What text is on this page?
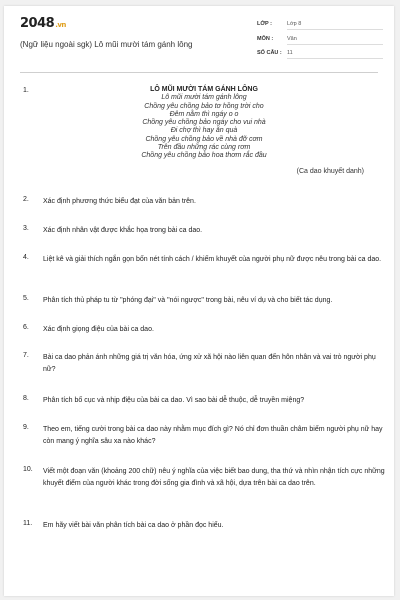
2048.vn
(Ngữ liệu ngoài sgk) Lô mũi mười tám gánh lông
LỚP :	Lớp 8
MÔN :	Văn
SỐ CÂU : 11
1.	LÔ MŨI MƯỜI TÁM GÁNH LÔNG
Lô mũi mười tám gánh lông
Chồng yêu chồng bảo tơ hồng trời cho
Đêm nằm thì ngáy o o
Chồng yêu chồng bảo ngáy cho vui nhà
Đi chợ thì hay ăn quà
Chồng yêu chồng bảo về nhà đỡ cơm
Trên đầu những rác cùng rơm
Chồng yêu chồng bảo hoa thơm rắc đầu
(Ca dao khuyết danh)
2. Xác định phương thức biểu đạt của văn bản trên.
3. Xác định nhân vật được khắc họa trong bài ca dao.
4. Liệt kê và giải thích ngắn gọn bốn nét tính cách / khiếm khuyết của người phụ nữ được nêu trong bài ca dao.
5. Phân tích thủ pháp tu từ "phóng đại" và "nói ngược" trong bài, nêu ví dụ và cho biết tác dụng.
6. Xác định giọng điệu của bài ca dao.
7. Bài ca dao phản ánh những giá trị văn hóa, ứng xử xã hội nào liên quan đến hôn nhân và vai trò người phụ nữ?
8. Phân tích bố cục và nhịp điệu của bài ca dao. Vì sao bài dễ thuộc, dễ truyền miệng?
9. Theo em, tiếng cười trong bài ca dao này nhằm mục đích gì? Nó chỉ đơn thuần châm biếm người phụ nữ hay còn mang ý nghĩa sâu xa nào khác?
10. Viết một đoạn văn (khoảng 200 chữ) nêu ý nghĩa của việc biết bao dung, tha thứ và nhìn nhận tích cực những khuyết điểm của người khác trong đời sống gia đình và xã hội, dựa trên bài ca dao trên.
11. Em hãy viết bài văn phân tích bài ca dao ở phần đọc hiểu.
